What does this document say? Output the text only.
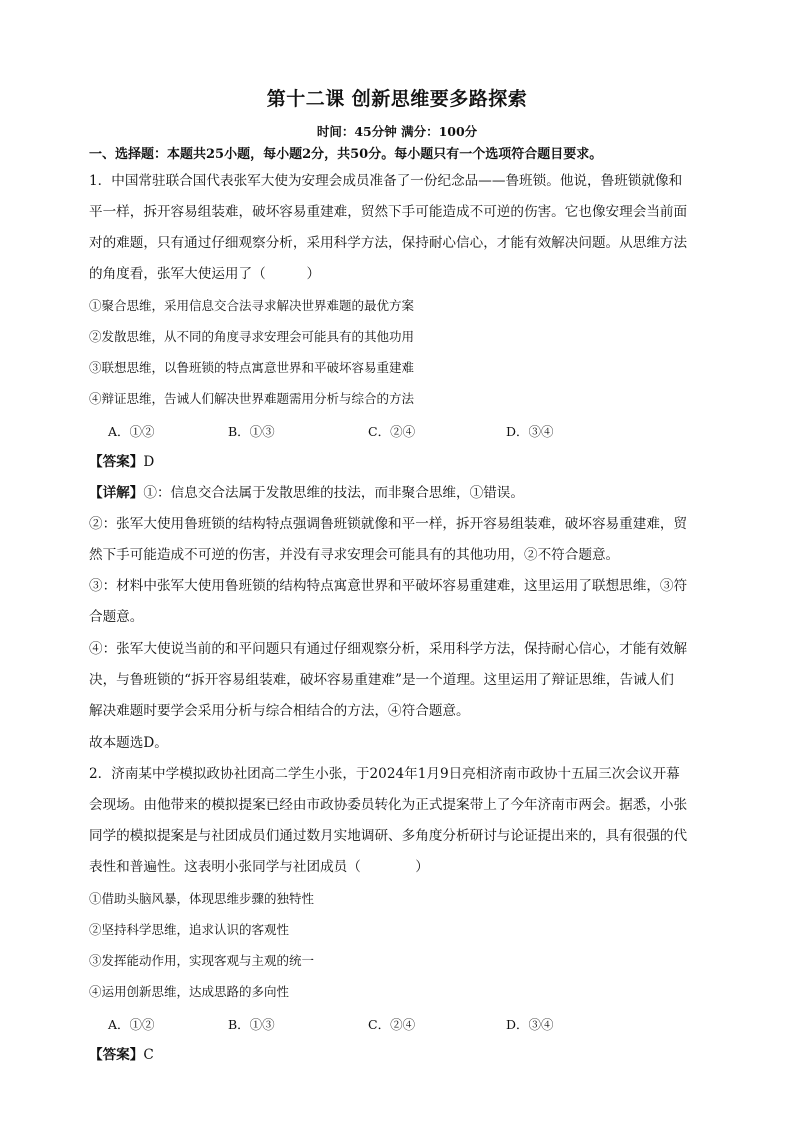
第十二课 创新思维要多路探索
时间：45分钟 满分：100分
一、选择题：本题共25小题，每小题2分，共50分。每小题只有一个选项符合题目要求。
1．中国常驻联合国代表张军大使为安理会成员准备了一份纪念品——鲁班锁。他说，鲁班锁就像和
平一样，拆开容易组装难，破坏容易重建难，贸然下手可能造成不可逆的伤害。它也像安理会当前面
对的难题，只有通过仔细观察分析，采用科学方法，保持耐心信心，才能有效解决问题。从思维方法
的角度看，张军大使运用了（　　　）
①聚合思维，采用信息交合法寻求解决世界难题的最优方案
②发散思维，从不同的角度寻求安理会可能具有的其他功用
③联想思维，以鲁班锁的特点寓意世界和平破坏容易重建难
④辩证思维，告诫人们解决世界难题需用分析与综合的方法
A．①②	B．①③	C．②④	D．③④
【答案】D
【详解】①：信息交合法属于发散思维的技法，而非聚合思维，①错误。
②：张军大使用鲁班锁的结构特点强调鲁班锁就像和平一样，拆开容易组装难，破坏容易重建难，贸
然下手可能造成不可逆的伤害，并没有寻求安理会可能具有的其他功用，②不符合题意。
③：材料中张军大使用鲁班锁的结构特点寓意世界和平破坏容易重建难，这里运用了联想思维，③符
合题意。
④：张军大使说当前的和平问题只有通过仔细观察分析，采用科学方法，保持耐心信心，才能有效解
决，与鲁班锁的“拆开容易组装难，破坏容易重建难”是一个道理。这里运用了辩证思维，告诫人们
解决难题时要学会采用分析与综合相结合的方法，④符合题意。
故本题选D。
2．济南某中学模拟政协社团高二学生小张，于2024年1月9日亮相济南市政协十五届三次会议开幕
会现场。由他带来的模拟提案已经由市政协委员转化为正式提案带上了今年济南市两会。据悉，小张
同学的模拟提案是与社团成员们通过数月实地调研、多角度分析研讨与论证提出来的，具有很强的代
表性和普遍性。这表明小张同学与社团成员（　　　　）
①借助头脑风暴，体现思维步骤的独特性
②坚持科学思维，追求认识的客观性
③发挥能动作用，实现客观与主观的统一
④运用创新思维，达成思路的多向性
A．①②	B．①③	C．②④	D．③④
【答案】C
